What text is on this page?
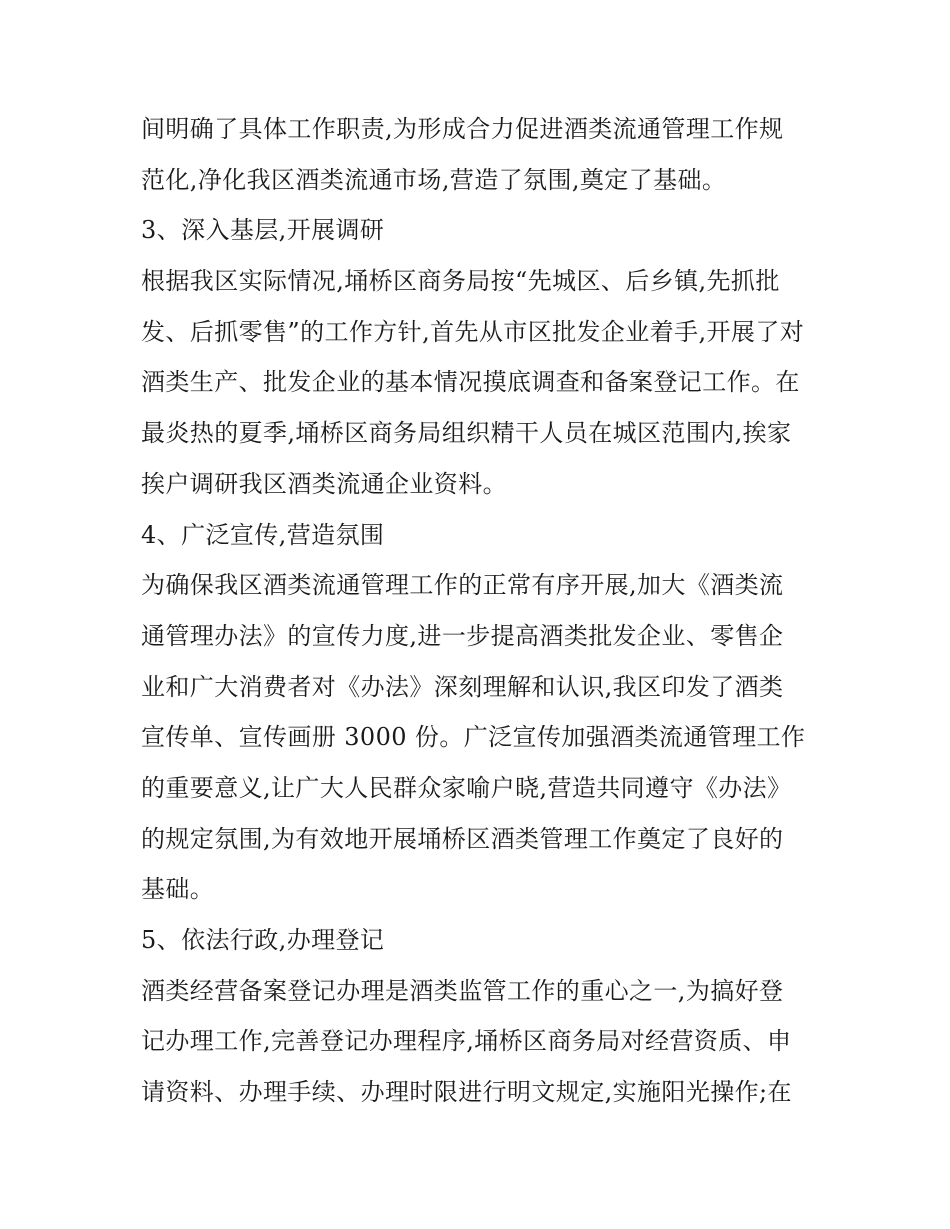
间明确了具体工作职责,为形成合力促进酒类流通管理工作规
范化,净化我区酒类流通市场,营造了氛围,奠定了基础。
3、深入基层,开展调研
根据我区实际情况,埇桥区商务局按“先城区、后乡镇,先抓批
发、后抓零售”的工作方针,首先从市区批发企业着手,开展了对
酒类生产、批发企业的基本情况摸底调查和备案登记工作。在
最炎热的夏季,埇桥区商务局组织精干人员在城区范围内,挨家
挨户调研我区酒类流通企业资料。
4、广泛宣传,营造氛围
为确保我区酒类流通管理工作的正常有序开展,加大《酒类流
通管理办法》的宣传力度,进一步提高酒类批发企业、零售企
业和广大消费者对《办法》深刻理解和认识,我区印发了酒类
宣传单、宣传画册 3000 份。广泛宣传加强酒类流通管理工作
的重要意义,让广大人民群众家喻户晓,营造共同遵守《办法》
的规定氛围,为有效地开展埇桥区酒类管理工作奠定了良好的
基础。
5、依法行政,办理登记
酒类经营备案登记办理是酒类监管工作的重心之一,为搞好登
记办理工作,完善登记办理程序,埇桥区商务局对经营资质、申
请资料、办理手续、办理时限进行明文规定,实施阳光操作;在
